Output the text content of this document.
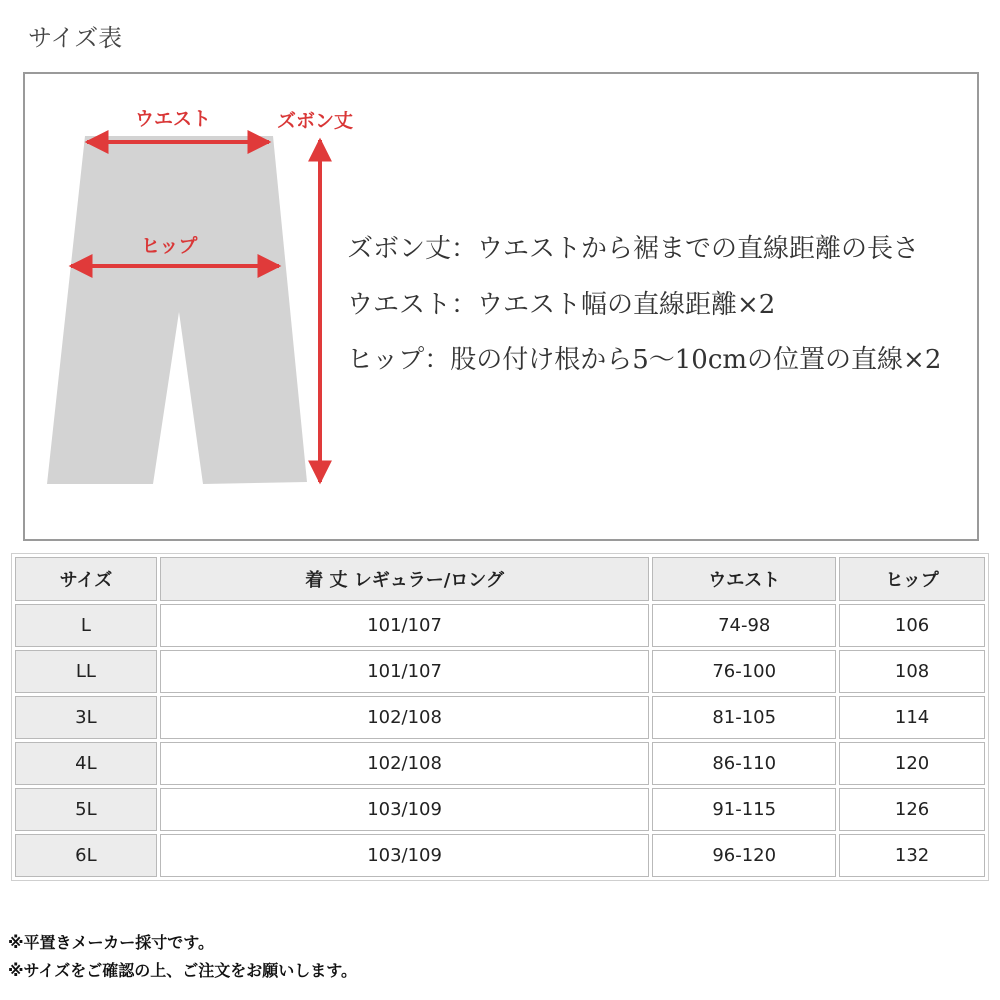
サイズ表
ウエスト	ズボン丈
ヒップ	ズボン丈：ウエストから裾までの直線距離の長さ
ウエスト：ウエスト幅の直線距離×2
ヒップ：股の付け根から5～10cmの位置の直線×2
サイズ	着 丈 レギュラー/ロング	ウエスト	ヒップ
L	101/107	74-98	106
LL	101/107	76-100	108
3L	102/108	81-105	114
4L	102/108	86-110	120
5L	103/109	91-115	126
6L	103/109	96-120	132
※平置きメーカー採寸です。
※サイズをご確認の上、ご注文をお願いします。
